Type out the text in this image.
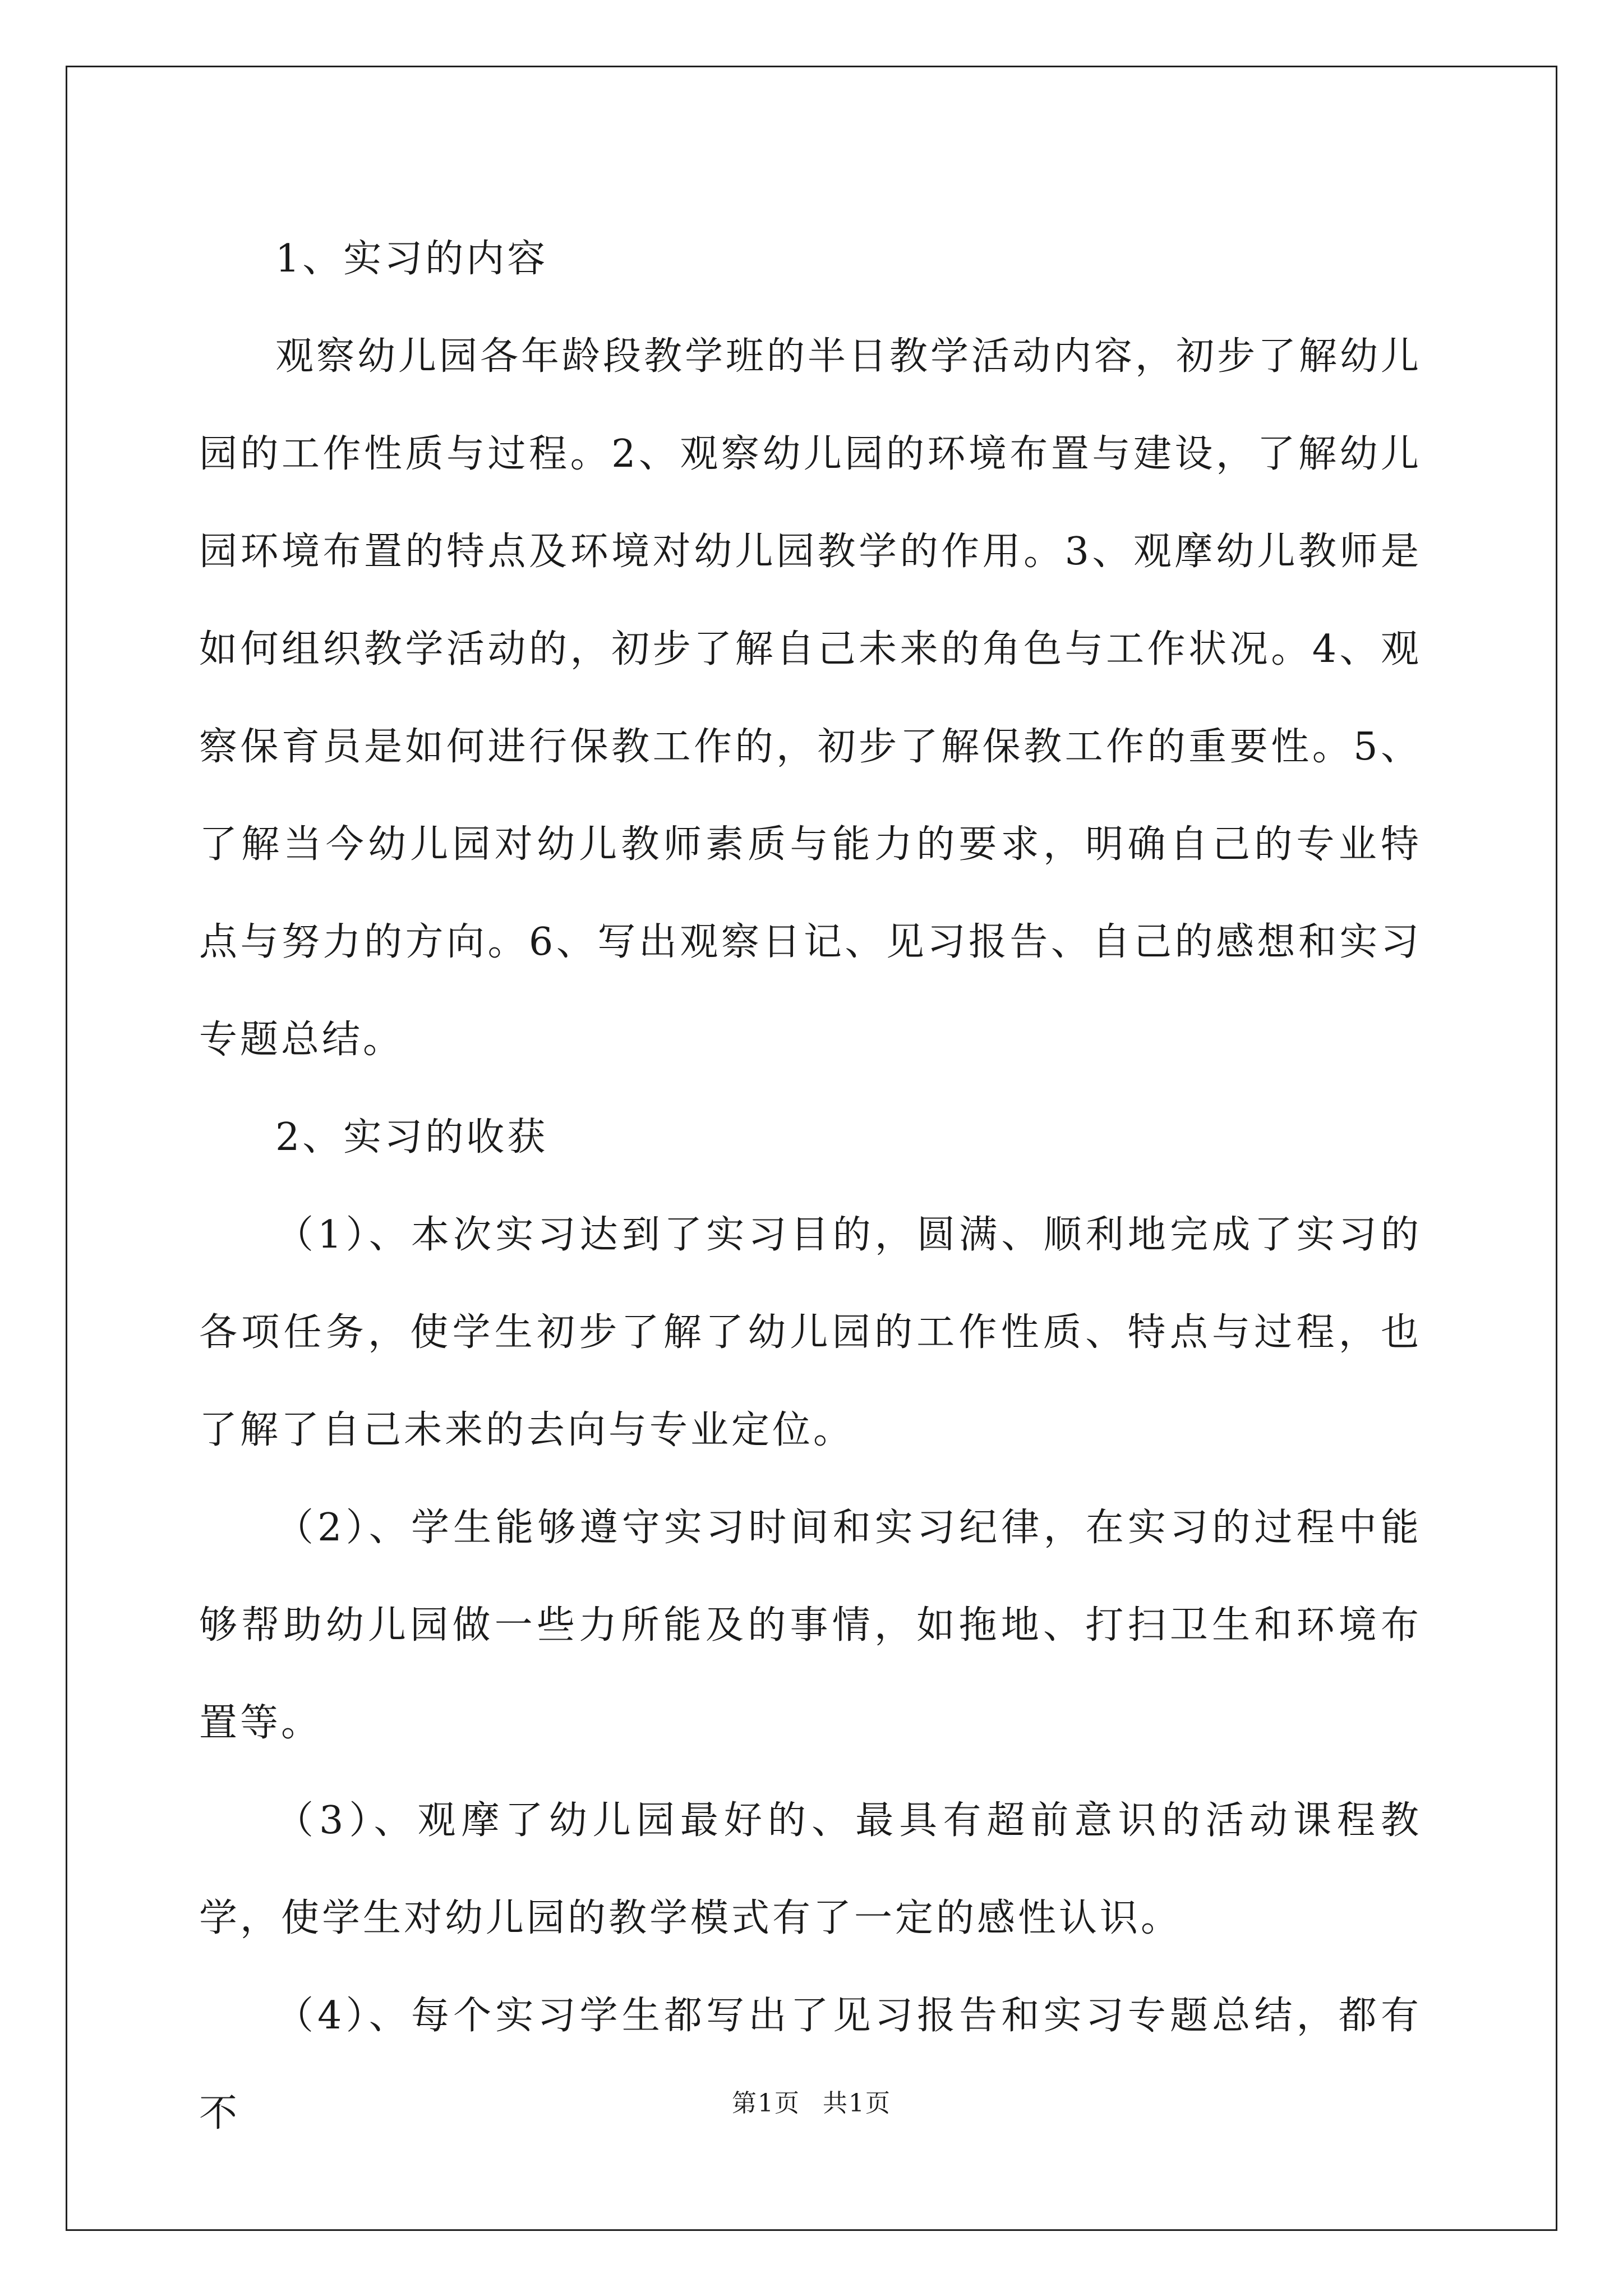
1、实习的内容

观察幼儿园各年龄段教学班的半日教学活动内容，初步了解幼儿园的工作性质与过程。2、观察幼儿园的环境布置与建设，了解幼儿园环境布置的特点及环境对幼儿园教学的作用。3、观摩幼儿教师是如何组织教学活动的，初步了解自己未来的角色与工作状况。4、观察保育员是如何进行保教工作的，初步了解保教工作的重要性。5、了解当今幼儿园对幼儿教师素质与能力的要求，明确自己的专业特点与努力的方向。6、写出观察日记、见习报告、自己的感想和实习专题总结。

2、实习的收获

（1）、本次实习达到了实习目的，圆满、顺利地完成了实习的各项任务，使学生初步了解了幼儿园的工作性质、特点与过程，也了解了自己未来的去向与专业定位。

（2）、学生能够遵守实习时间和实习纪律，在实习的过程中能够帮助幼儿园做一些力所能及的事情，如拖地、打扫卫生和环境布置等。

（3）、观摩了幼儿园最好的、最具有超前意识的活动课程教学，使学生对幼儿园的教学模式有了一定的感性认识。

（4）、每个实习学生都写出了见习报告和实习专题总结，都有不	第1页 共1页
